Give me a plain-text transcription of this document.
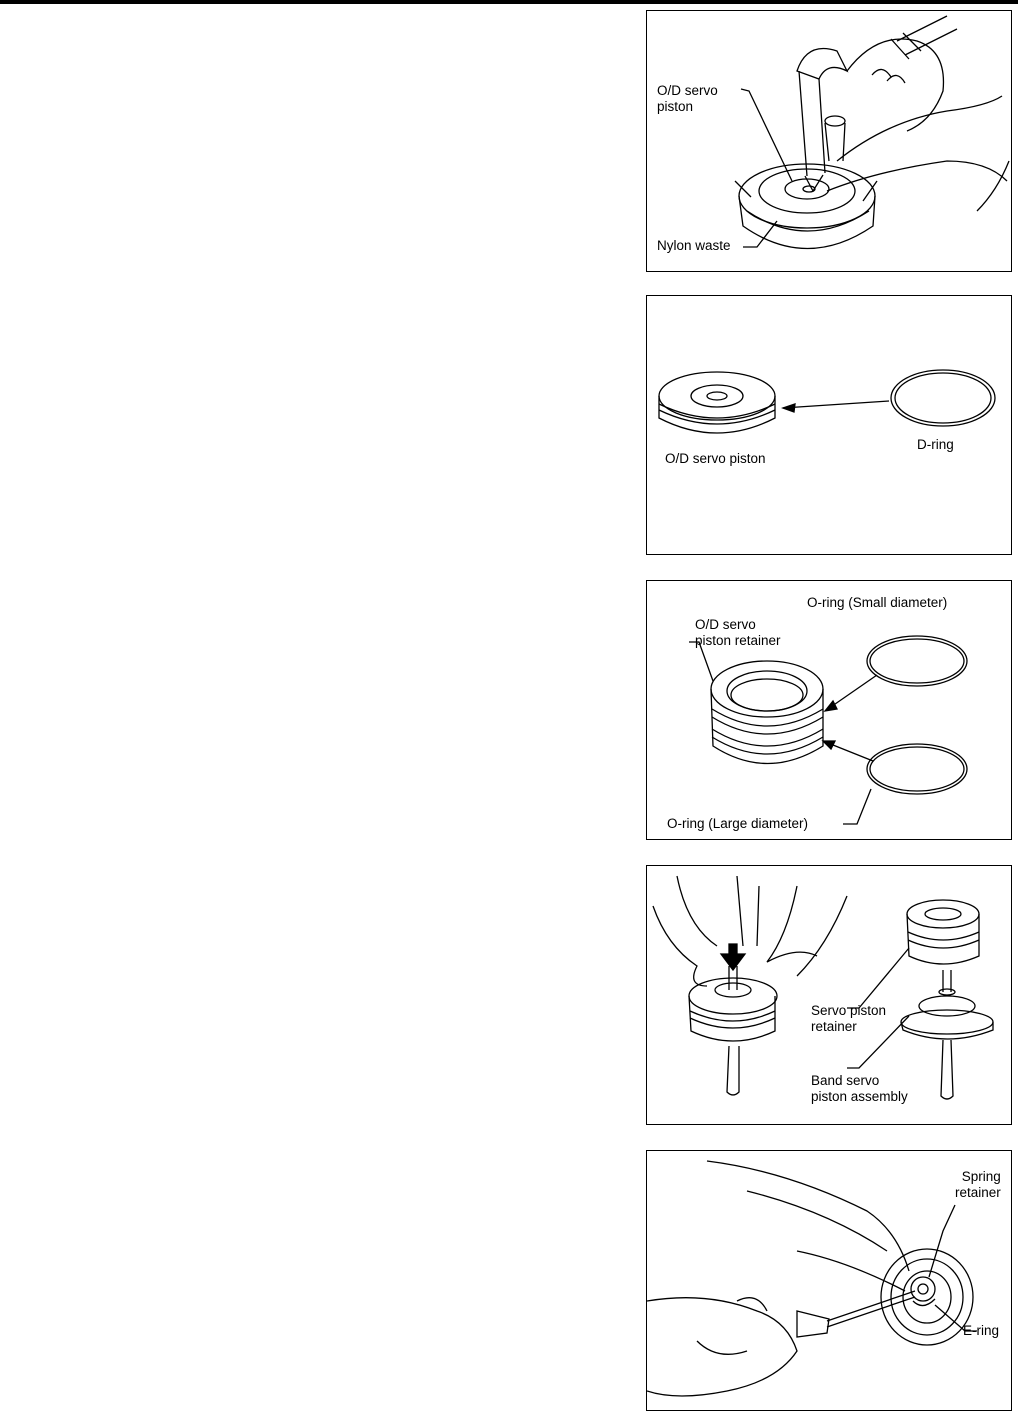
O/D servo
piston
Nylon waste
O/D servo piston
D-ring
O-ring (Small diameter)
O/D servo
piston retainer
O-ring (Large diameter)
Servo piston
retainer
Band servo
piston assembly
Spring
retainer
E-ring
